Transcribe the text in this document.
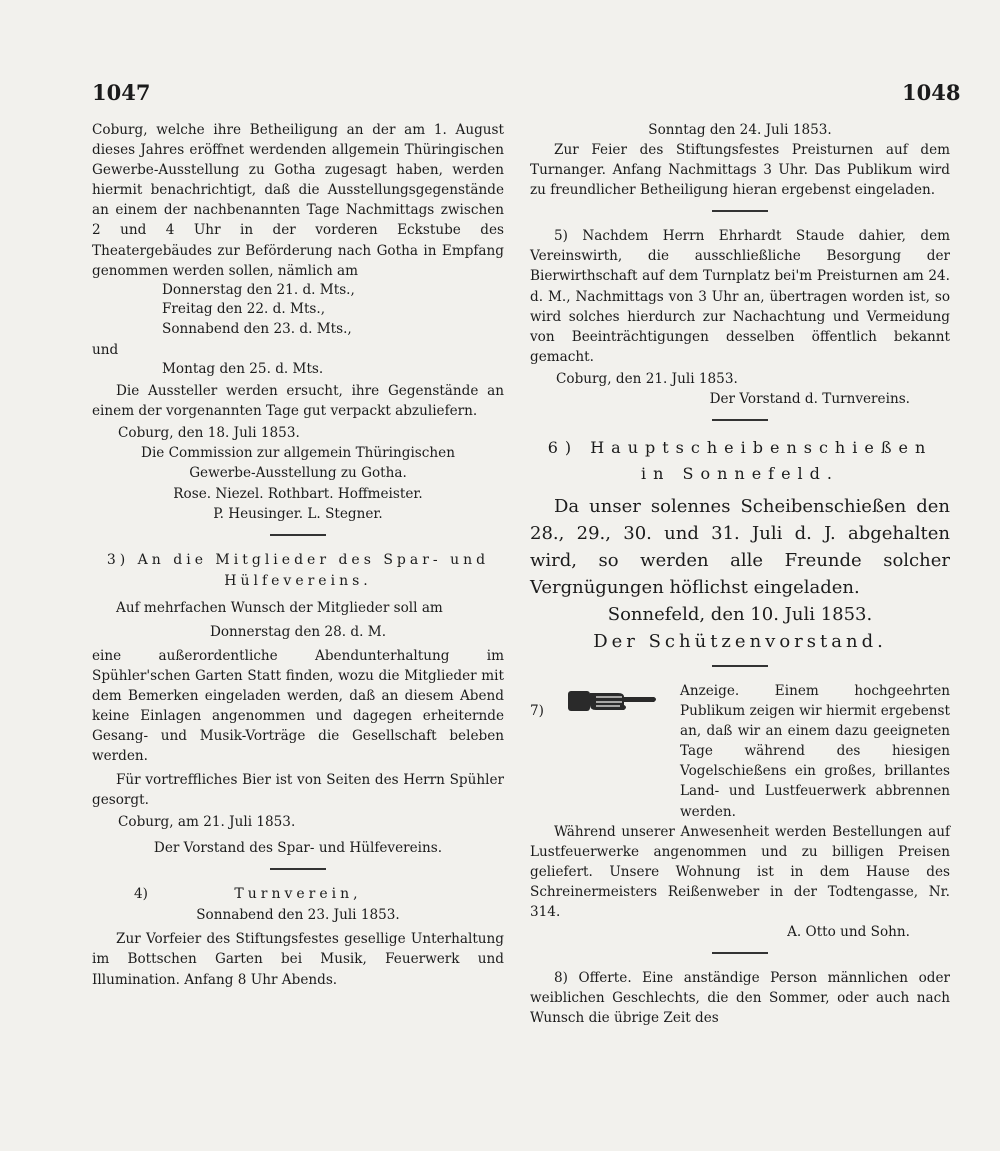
1047	1048

Coburg, welche ihre Betheiligung an der am 1. August dieses Jahres eröffnet werdenden allgemein Thüringischen Gewerbe-Ausstellung zu Gotha zugesagt haben, werden hiermit benachrichtigt, daß die Ausstellungsgegenstände an einem der nachbenannten Tage Nachmittags zwischen 2 und 4 Uhr in der vorderen Eckstube des Theatergebäudes zur Beförderung nach Gotha in Empfang genommen werden sollen, nämlich am

Donnerstag den 21. d. Mts.,
Freitag den 22. d. Mts.,
Sonnabend den 23. d. Mts.,
und
Montag den 25. d. Mts.

Die Aussteller werden ersucht, ihre Gegenstände an einem der vorgenannten Tage gut verpackt abzuliefern.

Coburg, den 18. Juli 1853.

Die Commission zur allgemein Thüringischen Gewerbe-Ausstellung zu Gotha.

Rose. Niezel. Rothbart. Hoffmeister.

P. Heusinger. L. Stegner.

3) An die Mitglieder des Spar- und Hülfevereins.

Auf mehrfachen Wunsch der Mitglieder soll am

Donnerstag den 28. d. M.

eine außerordentliche Abendunterhaltung im Spühler'schen Garten Statt finden, wozu die Mitglieder mit dem Bemerken eingeladen werden, daß an diesem Abend keine Einlagen angenommen und dagegen erheiternde Gesang- und Musik-Vorträge die Gesellschaft beleben werden.

Für vortreffliches Bier ist von Seiten des Herrn Spühler gesorgt.

Coburg, am 21. Juli 1853.

Der Vorstand des Spar- und Hülfevereins.

4)	Turnverein,

Sonnabend den 23. Juli 1853.

Zur Vorfeier des Stiftungsfestes gesellige Unterhaltung im Bottschen Garten bei Musik, Feuerwerk und Illumination. Anfang 8 Uhr Abends.

Sonntag den 24. Juli 1853.

Zur Feier des Stiftungsfestes Preisturnen auf dem Turnanger. Anfang Nachmittags 3 Uhr. Das Publikum wird zu freundlicher Betheiligung hieran ergebenst eingeladen.

5) Nachdem Herrn Ehrhardt Staude dahier, dem Vereinswirth, die ausschließliche Besorgung der Bierwirthschaft auf dem Turnplatz bei'm Preisturnen am 24. d. M., Nachmittags von 3 Uhr an, übertragen worden ist, so wird solches hierdurch zur Nachachtung und Vermeidung von Beeinträchtigungen desselben öffentlich bekannt gemacht.

Coburg, den 21. Juli 1853.

Der Vorstand d. Turnvereins.

6) Hauptscheibenschießen

in Sonnefeld.

Da unser solennes Scheibenschießen den 28., 29., 30. und 31. Juli d. J. abgehalten wird, so werden alle Freunde solcher Vergnügungen höflichst eingeladen.

Sonnefeld, den 10. Juli 1853.

Der Schützenvorstand.

7)

Anzeige. Einem hochgeehrten Publikum zeigen wir hiermit ergebenst an, daß wir an einem dazu geeigneten Tage während des hiesigen Vogelschießens ein großes, brillantes Land- und Lustfeuerwerk abbrennen werden.

Während unserer Anwesenheit werden Bestellungen auf Lustfeuerwerke angenommen und zu billigen Preisen geliefert. Unsere Wohnung ist in dem Hause des Schreinermeisters Reißenweber in der Todtengasse, Nr. 314.

A. Otto und Sohn.

8) Offerte. Eine anständige Person männlichen oder weiblichen Geschlechts, die den Sommer, oder auch nach Wunsch die übrige Zeit des
